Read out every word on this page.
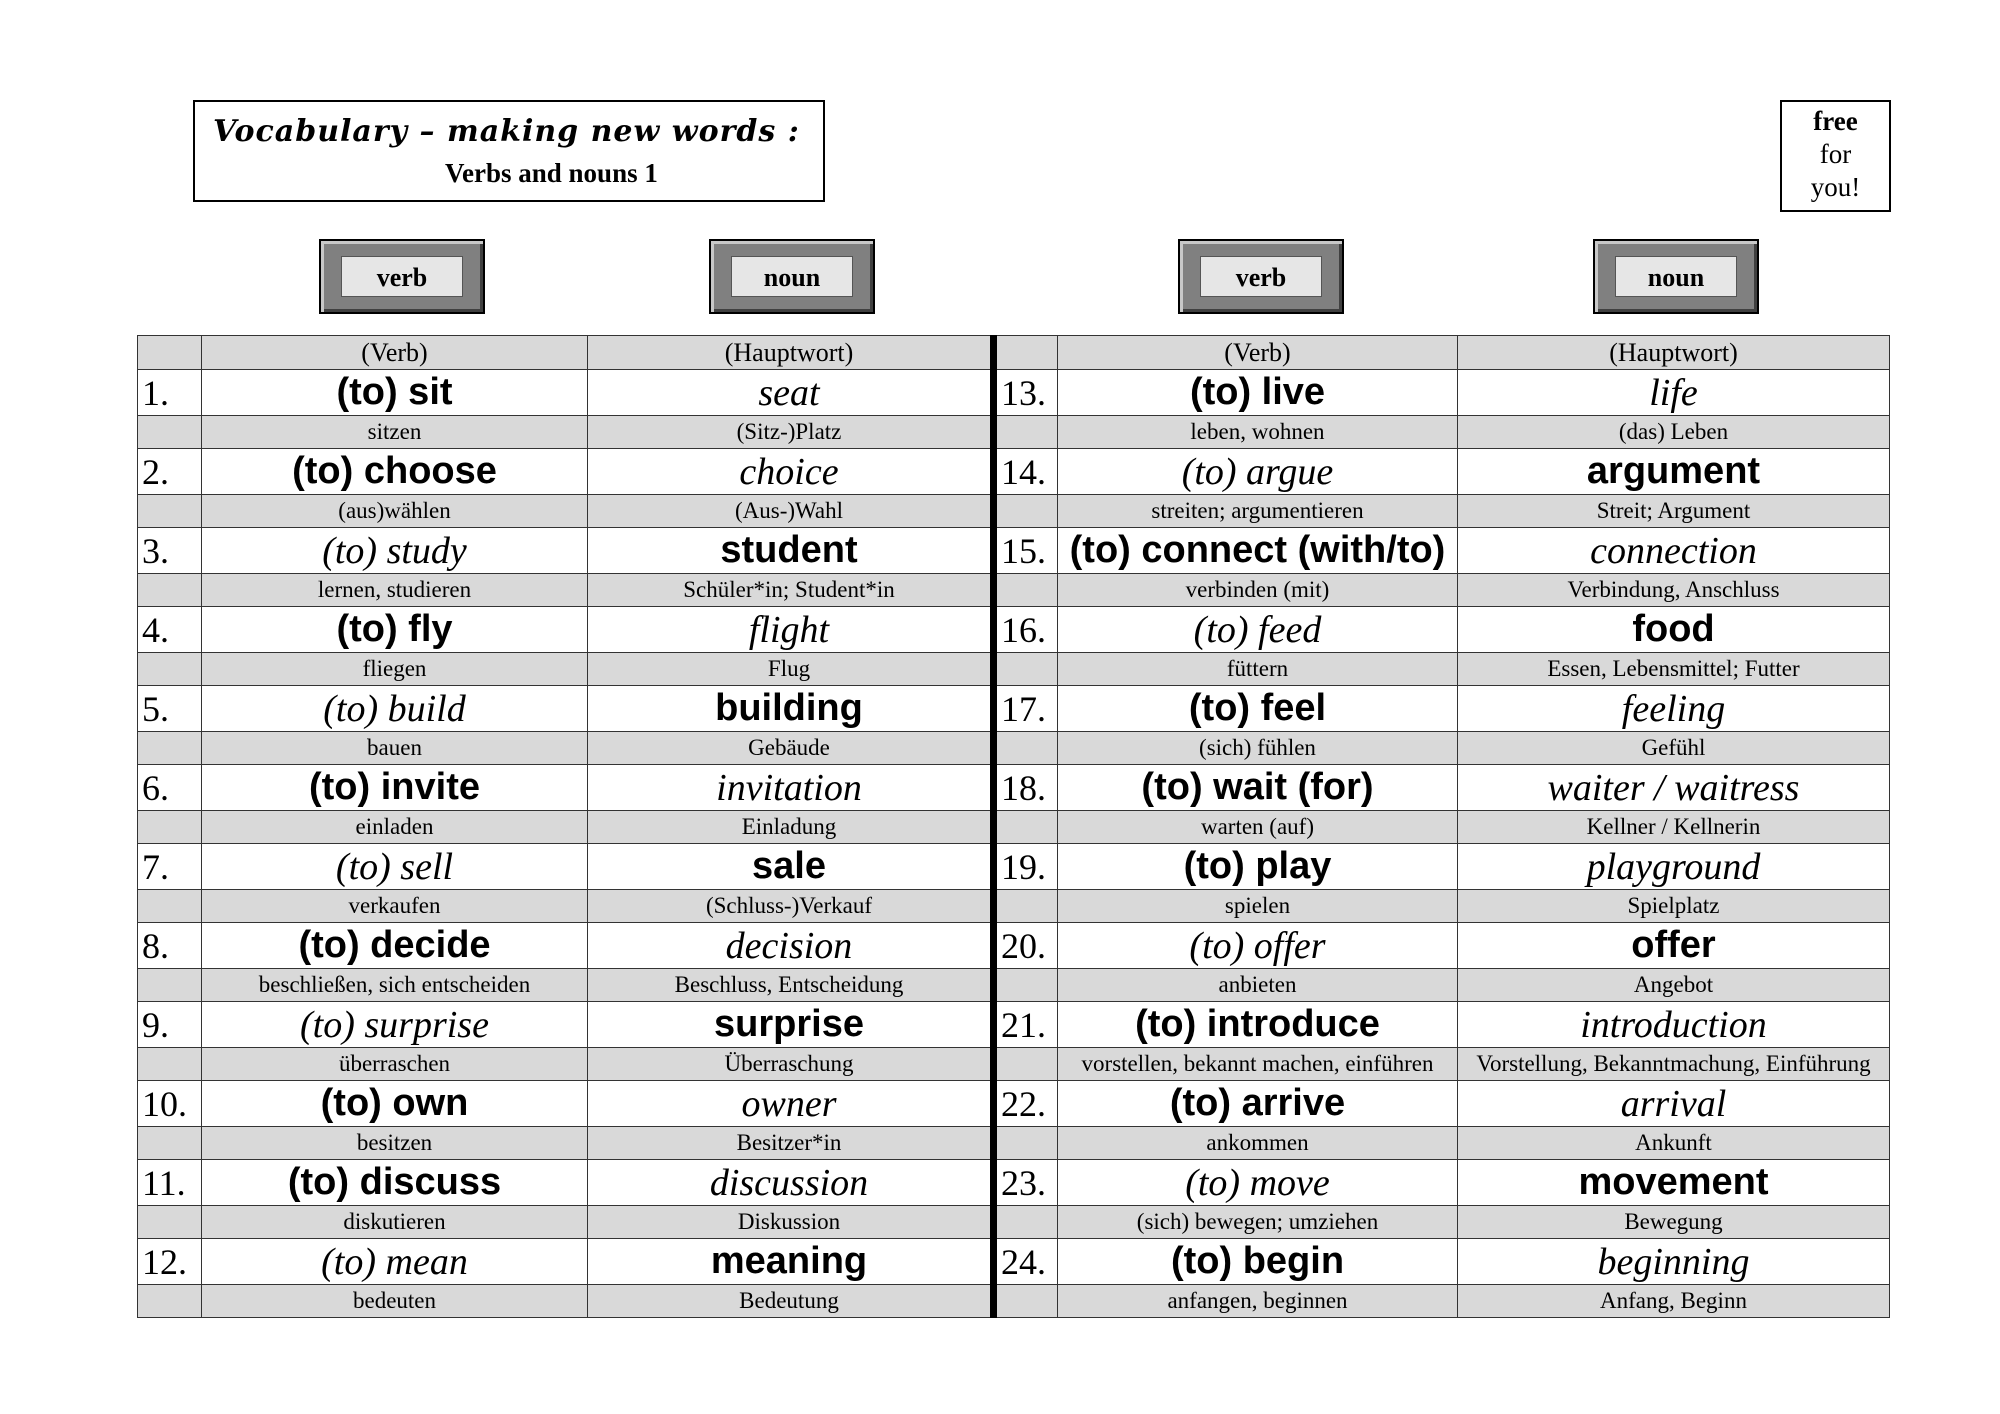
Vocabulary – making new words :
Verbs and nouns 1
free
for
you!
verb	noun	verb	noun
	(Verb)	(Hauptwort)		(Verb)	(Hauptwort)
1.	(to) sit	seat	13.	(to) live	life
	sitzen	(Sitz-)Platz		leben, wohnen	(das) Leben
2.	(to) choose	choice	14.	(to) argue	argument
	(aus)wählen	(Aus-)Wahl		streiten; argumentieren	Streit; Argument
3.	(to) study	student	15.	(to) connect (with/to)	connection
	lernen, studieren	Schüler*in; Student*in		verbinden (mit)	Verbindung, Anschluss
4.	(to) fly	flight	16.	(to) feed	food
	fliegen	Flug		füttern	Essen, Lebensmittel; Futter
5.	(to) build	building	17.	(to) feel	feeling
	bauen	Gebäude		(sich) fühlen	Gefühl
6.	(to) invite	invitation	18.	(to) wait (for)	waiter / waitress
	einladen	Einladung		warten (auf)	Kellner / Kellnerin
7.	(to) sell	sale	19.	(to) play	playground
	verkaufen	(Schluss-)Verkauf		spielen	Spielplatz
8.	(to) decide	decision	20.	(to) offer	offer
	beschließen, sich entscheiden	Beschluss, Entscheidung		anbieten	Angebot
9.	(to) surprise	surprise	21.	(to) introduce	introduction
	überraschen	Überraschung		vorstellen, bekannt machen, einführen	Vorstellung, Bekanntmachung, Einführung
10.	(to) own	owner	22.	(to) arrive	arrival
	besitzen	Besitzer*in		ankommen	Ankunft
11.	(to) discuss	discussion	23.	(to) move	movement
	diskutieren	Diskussion		(sich) bewegen; umziehen	Bewegung
12.	(to) mean	meaning	24.	(to) begin	beginning
	bedeuten	Bedeutung		anfangen, beginnen	Anfang, Beginn
